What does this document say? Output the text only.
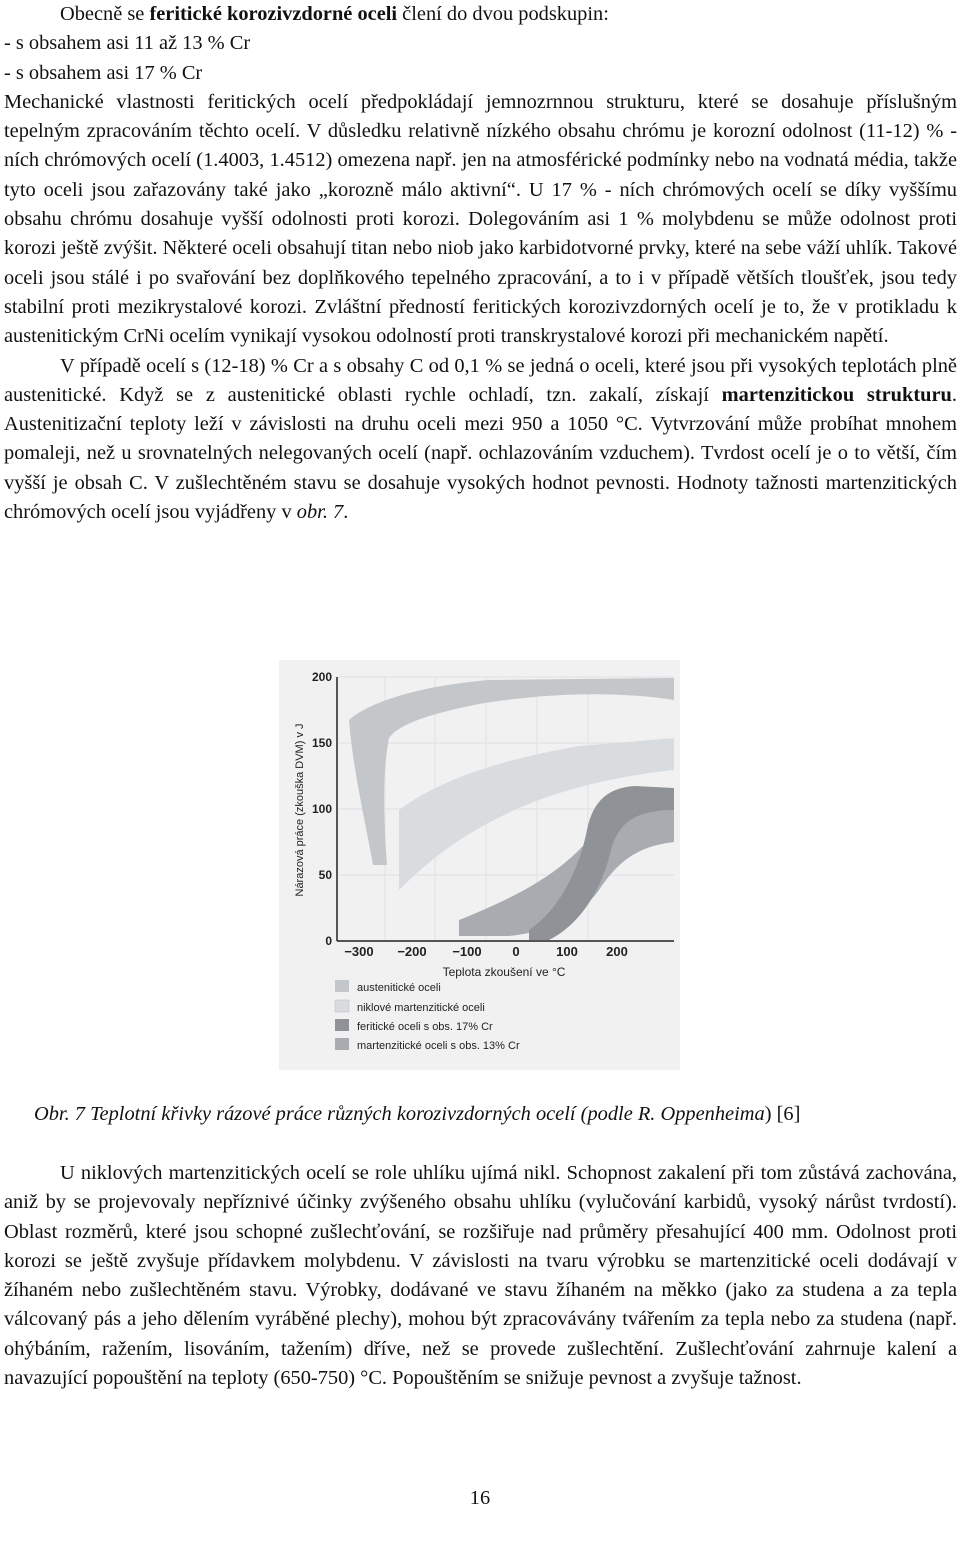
Obecně se feritické korozivzdorné oceli člení do dvou podskupin:

- s obsahem asi 11 až 13 % Cr

- s obsahem asi 17 % Cr

Mechanické vlastnosti feritických ocelí předpokládají jemnozrnnou strukturu, které se dosahuje příslušným tepelným zpracováním těchto ocelí. V důsledku relativně nízkého obsahu chrómu je korozní odolnost (11-12) % - ních chrómových ocelí (1.4003, 1.4512) omezena např. jen na atmosférické podmínky nebo na vodnatá média, takže tyto oceli jsou zařazovány také jako „korozně málo aktivní“. U 17 % - ních chrómových ocelí se díky vyššímu obsahu chrómu dosahuje vyšší odolnosti proti korozi. Dolegováním asi 1 % molybdenu se může odolnost proti korozi ještě zvýšit. Některé oceli obsahují titan nebo niob jako karbidotvorné prvky, které na sebe váží uhlík. Takové oceli jsou stálé i po svařování bez doplňkového tepelného zpracování, a to i v případě větších tloušťek, jsou tedy stabilní proti mezikrystalové korozi. Zvláštní předností feritických korozivzdorných ocelí je to, že v protikladu k austenitickým CrNi ocelím vynikají vysokou odolností proti transkrystalové korozi při mechanickém napětí.

V případě ocelí s (12-18) % Cr a s obsahy C od 0,1 % se jedná o oceli, které jsou při vysokých teplotách plně austenitické. Když se z austenitické oblasti rychle ochladí, tzn. zakalí, získají martenzitickou strukturu. Austenitizační teploty leží v závislosti na druhu oceli mezi 950 a 1050 °C. Vytvrzování může probíhat mnohem pomaleji, než u srovnatelných nelegovaných ocelí (např. ochlazováním vzduchem). Tvrdost ocelí je o to větší, čím vyšší je obsah C. V zušlechtěném stavu se dosahuje vysokých hodnot pevnosti. Hodnoty tažnosti martenzitických chrómových ocelí jsou vyjádřeny v obr. 7.

200
150
100
50
0
−300 −200 −100 0	100 200
Nárazová práce (zkouška DVM) v J
Teplota zkoušení ve °C
austenitické oceli
niklové martenzitické oceli
feritické oceli s obs. 17% Cr
martenzitické oceli s obs. 13% Cr
Obr. 7 Teplotní křivky rázové práce různých korozivzdorných ocelí (podle R. Oppenheima) [6]

U niklových martenzitických ocelí se role uhlíku ujímá nikl. Schopnost zakalení při tom zůstává zachována, aniž by se projevovaly nepříznivé účinky zvýšeného obsahu uhlíku (vylučování karbidů, vysoký nárůst tvrdostí). Oblast rozměrů, které jsou schopné zušlechťování, se rozšiřuje nad průměry přesahující 400 mm. Odolnost proti korozi se ještě zvyšuje přídavkem molybdenu. V závislosti na tvaru výrobku se martenzitické oceli dodávají v žíhaném nebo zušlechtěném stavu. Výrobky, dodávané ve stavu žíhaném na měkko (jako za studena a za tepla válcovaný pás a jeho dělením vyráběné plechy), mohou být zpracovávány tvářením za tepla nebo za studena (např. ohýbáním, ražením, lisováním, tažením) dříve, než se provede zušlechtění. Zušlechťování zahrnuje kalení a navazující popouštění na teploty (650-750) °C. Popouštěním se snižuje pevnost a zvyšuje tažnost.

16
